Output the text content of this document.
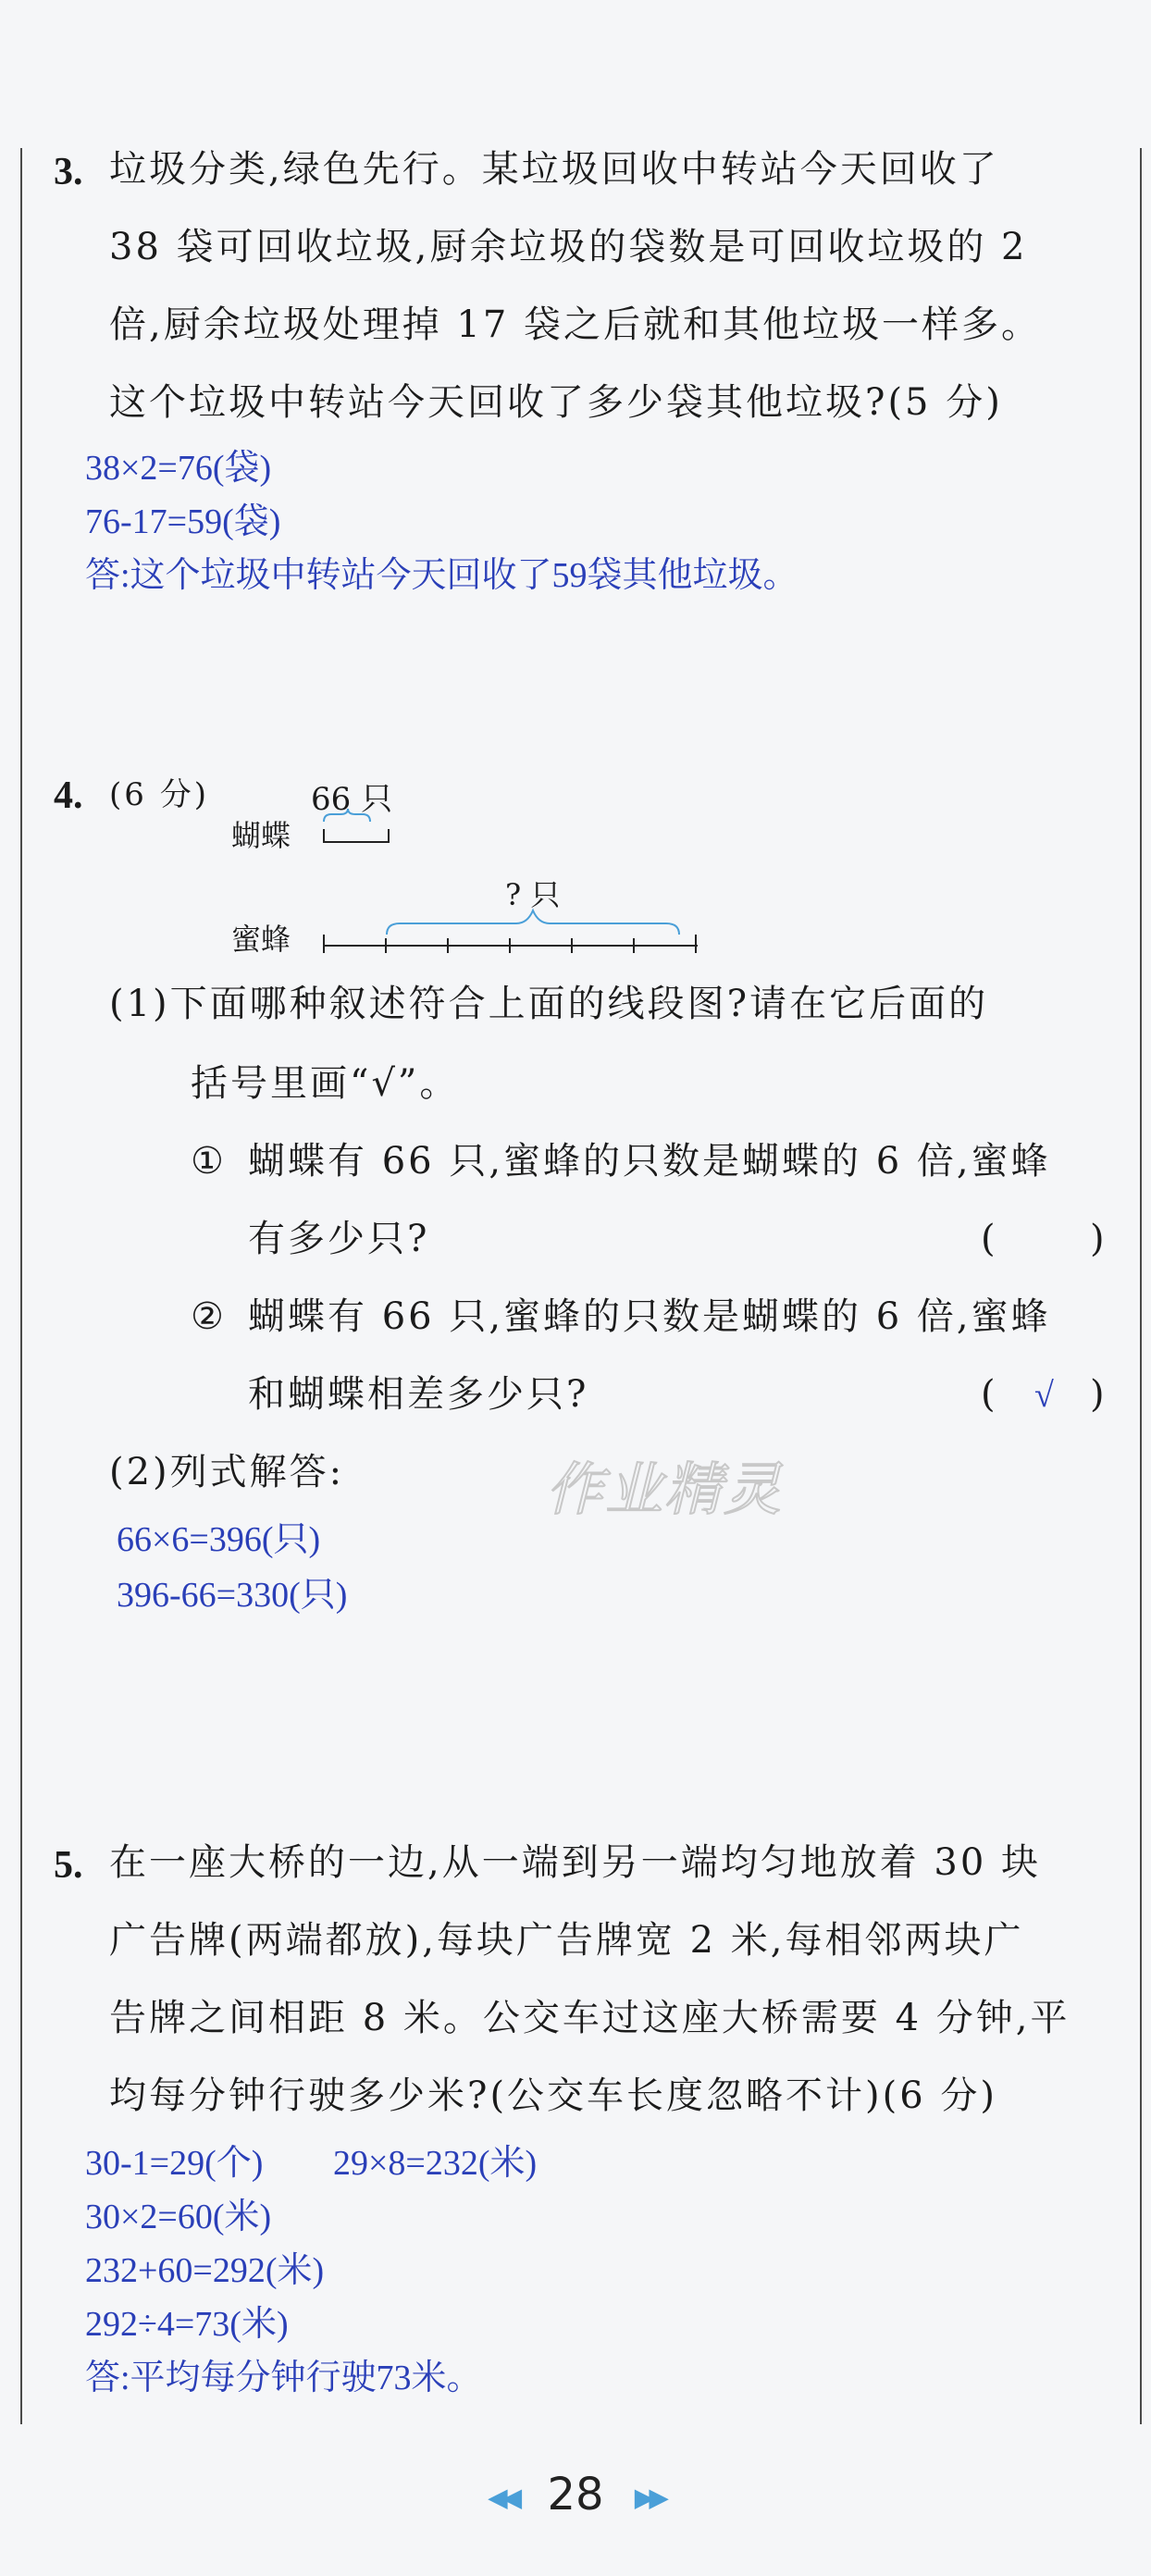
3. 垃圾分类,绿色先行。某垃圾回收中转站今天回收了
38 袋可回收垃圾,厨余垃圾的袋数是可回收垃圾的 2
倍,厨余垃圾处理掉 17 袋之后就和其他垃圾一样多。
这个垃圾中转站今天回收了多少袋其他垃圾?(5 分)
38×2=76(袋)
76-17=59(袋)
答:这个垃圾中转站今天回收了59袋其他垃圾。
4. (6 分)	66 只
蝴蝶
? 只
蜜蜂
(1)下面哪种叙述符合上面的线段图?请在它后面的
括号里画“√”。
① 蝴蝶有 66 只,蜜蜂的只数是蝴蝶的 6 倍,蜜蜂
有多少只?	( )
② 蝴蝶有 66 只,蜜蜂的只数是蝴蝶的 6 倍,蜜蜂
和蝴蝶相差多少只?	( √ )
(2)列式解答:
66×6=396(只)
396-66=330(只)
作业精灵
5. 在一座大桥的一边,从一端到另一端均匀地放着 30 块
广告牌(两端都放),每块广告牌宽 2 米,每相邻两块广
告牌之间相距 8 米。公交车过这座大桥需要 4 分钟,平
均每分钟行驶多少米?(公交车长度忽略不计)(6 分)
30-1=29(个) 29×8=232(米)
30×2=60(米)
232+60=292(米)
292÷4=73(米)
答:平均每分钟行驶73米。
◀◀ 28 ▶▶
